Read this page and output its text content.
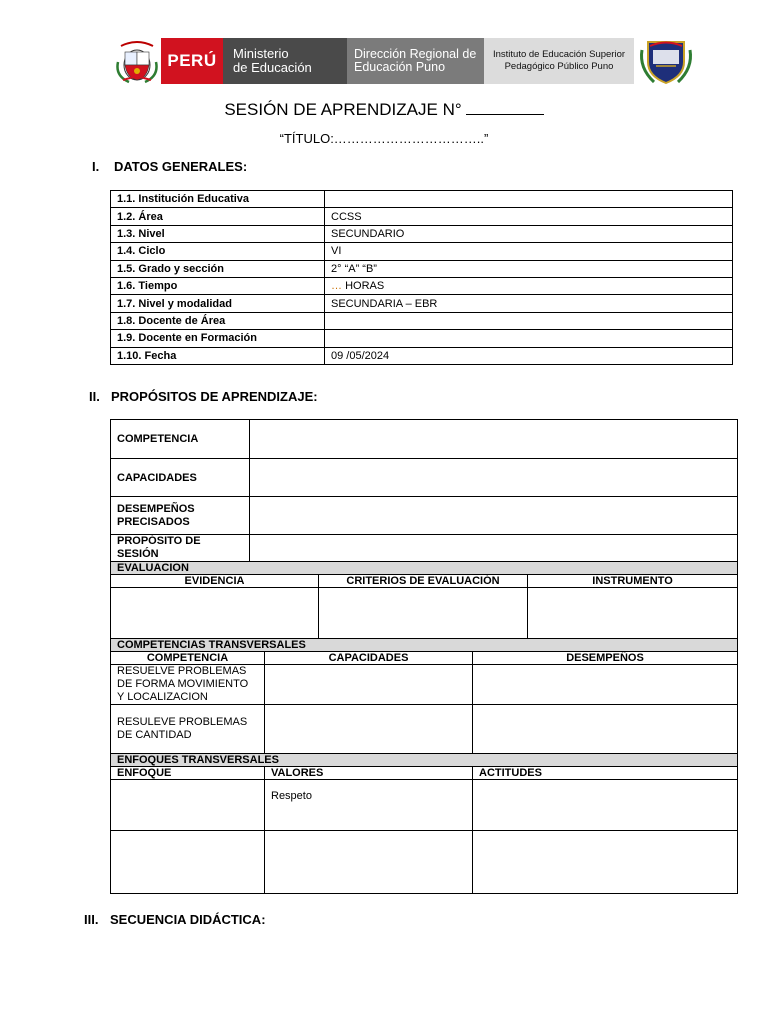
PERÚ	Ministerio
de Educación
Dirección Regional de
Educación Puno
Instituto de Educación Superior
Pedagógico Público Puno
SESIÓN DE APRENDIZAJE N°
“TÍTULO:……………………………..”
I. DATOS GENERALES:
1.1. Institución Educativa	
1.2. Área	CCSS
1.3. Nivel	SECUNDARIO
1.4. Ciclo	VI
1.5. Grado y sección	2° “A” “B”
1.6. Tiempo	… HORAS
1.7. Nivel y modalidad	SECUNDARIA – EBR
1.8. Docente de Área	
1.9. Docente en Formación	
1.10. Fecha	09 /05/2024
II. PROPÓSITOS DE APRENDIZAJE:
COMPETENCIA					
CAPACIDADES					
DESEMPEÑOS PRECISADOS					
PROPÓSITO DE SESIÓN					
EVALUACION					
EVIDENCIA			CRITERIOS DE EVALUACIÓN		INSTRUMENTO

COMPETENCIAS TRANSVERSALES					
COMPETENCIA		CAPACIDADES		DESEMPEÑOS	
RESUELVE PROBLEMAS DE FORMA MOVIMIENTO Y LOCALIZACION					
RESULEVE PROBLEMAS DE CANTIDAD					
ENFOQUES TRANSVERSALES					
ENFOQUE		VALORES		ACTITUDES	
		Respeto			

III. SECUENCIA DIDÁCTICA:
